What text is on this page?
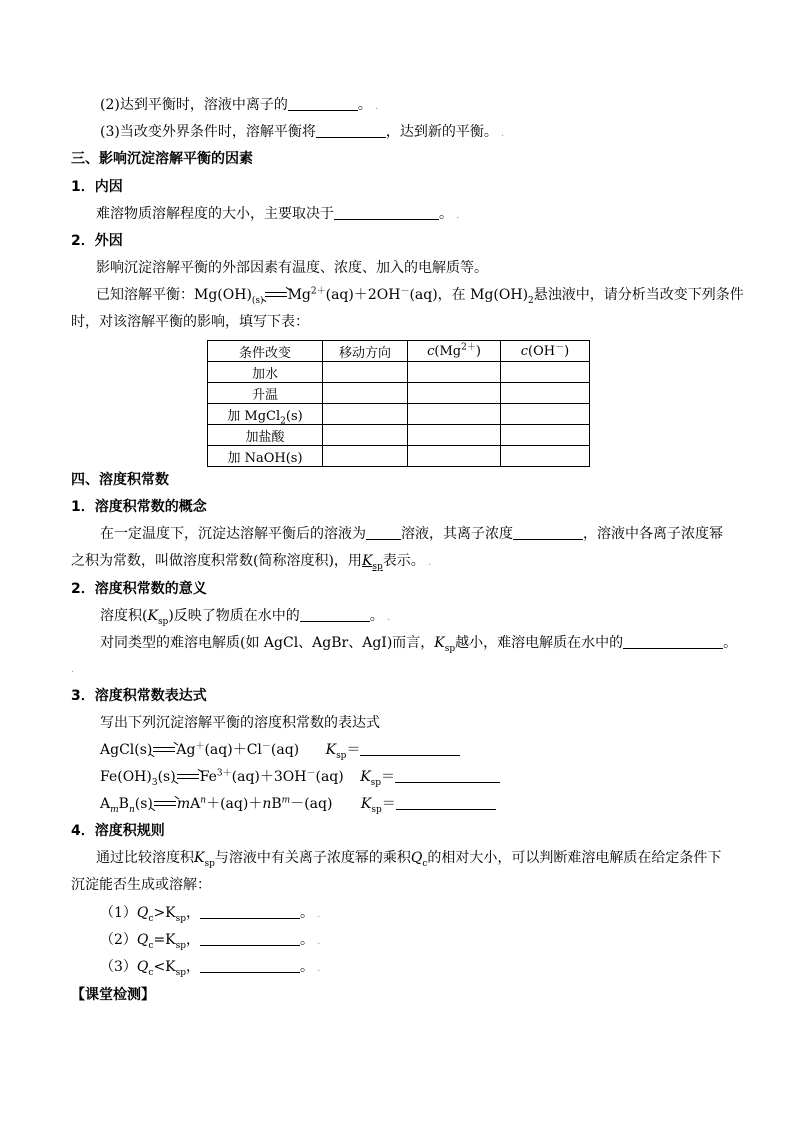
(2)达到平衡时，溶液中离子的	。 .
(3)当改变外界条件时，溶解平衡将	，达到新的平衡。 .
三、影响沉淀溶解平衡的因素
1．内因
难溶物质溶解程度的大小，主要取决于	。 .
2．外因
影响沉淀溶解平衡的外部因素有温度、浓度、加入的电解质等。
已知溶解平衡：$Mg(OH)_{(s)} \to Mg^{2+}(aq)+2OH^-(aq)$，在 $Mg(OH)_2$悬浊液中，请分析当改变下列条件
时，对该溶解平衡的影响，填写下表：
条件改变	移动方向	$c(Mg^{2+})$	c(OH－)
加水			
升温			
加 MgCl$_2$(s)			
加盐酸			
加 NaOH(s)			
四、溶度积常数
1．溶度积常数的概念
在一定温度下，沉淀达溶解平衡后的溶液为	溶液，其离子浓度	，溶液中各离子浓度幂
之积为常数，叫做溶度积常数(简称溶度积)，用$K_{sp}$表示。 .
2．溶度积常数的意义
溶度积$(K_{sp})$反映了物质在水中的	。 .
对同类型的难溶电解质(如 AgCl、AgBr、AgI)而言，$K_{sp}$越小，难溶电解质在水中的	。
.
3．溶度积常数表达式
写出下列沉淀溶解平衡的溶度积常数的表达式
AgCl(s)→Ag＋(aq)＋Cl－(aq) $K_{sp}=$
$Fe(OH)_3(s)\to Fe^{3+}(aq)+3OH^-(aq)$ $K_{sp}=$
$A_mB_n(s)\to mA^n+(aq)+nB^m-(aq)$ $K_{sp}=$
4．溶度积规则
通过比较溶度积$K_{sp}$与溶液中有关离子浓度幂的乘积$Q_c$的相对大小，可以判断难溶电解质在给定条件下
沉淀能否生成或溶解：
$(1)Q_c>K_{sp}$，	。 .
$(2)Q_c=K_{sp}$，	。 .
$(3)Q_c<K_{sp}$，	。 .
【课堂检测】
